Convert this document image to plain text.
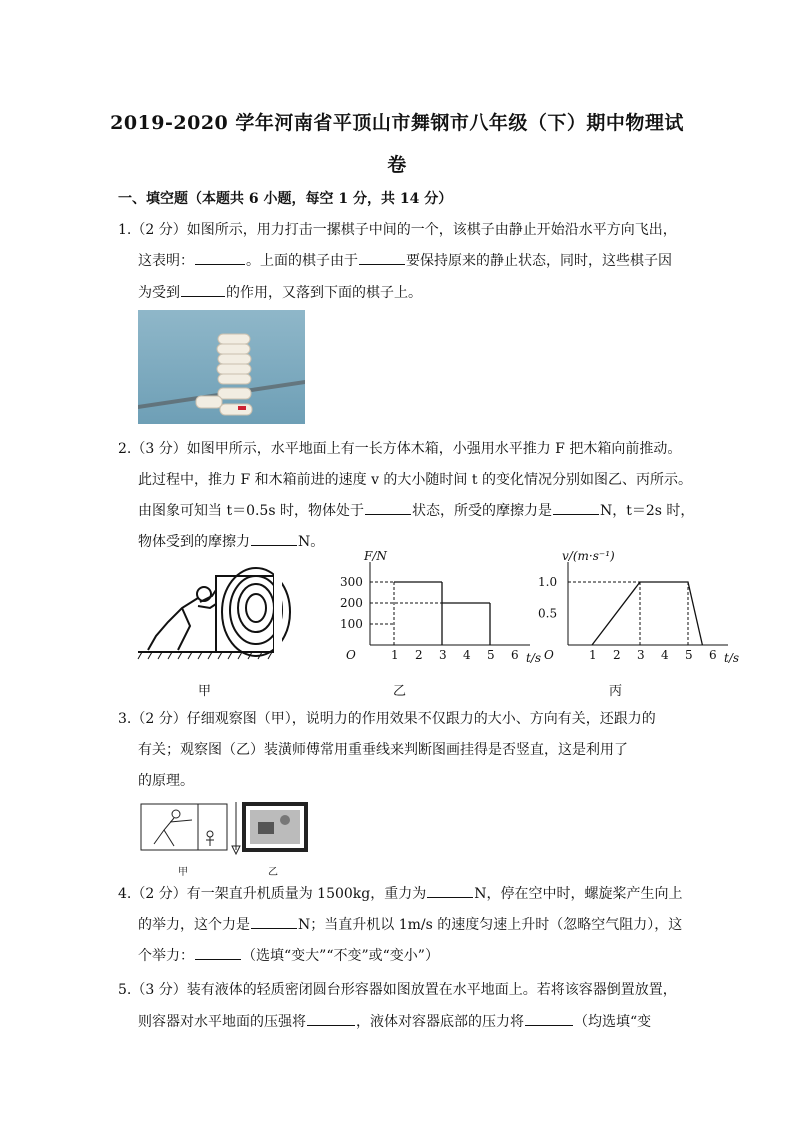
2019-2020 学年河南省平顶山市舞钢市八年级（下）期中物理试
卷
一、填空题（本题共 6 小题，每空 1 分，共 14 分）
1.（2 分）如图所示，用力打击一摞棋子中间的一个，该棋子由静止开始沿水平方向飞出，
这表明：	。上面的棋子由于	要保持原来的静止状态，同时，这些棋子因
为受到	的作用，又落到下面的棋子上。
2.（3 分）如图甲所示，水平地面上有一长方体木箱，小强用水平推力 F 把木箱向前推动。
此过程中，推力 F 和木箱前进的速度 v 的大小随时间 t 的变化情况分别如图乙、丙所示。
由图象可知当 t＝0.5s 时，物体处于	状态，所受的摩擦力是	N，t＝2s 时，
物体受到的摩擦力	N。
O	1 2 3 4 5 6 t/s
100
200
300
F/N
O	1 2 3 4 5 6 t/s
0.5
1.0
v/(m·s⁻¹)
甲	乙	丙
3.（2 分）仔细观察图（甲），说明力的作用效果不仅跟力的大小、方向有关，还跟力的
有关；观察图（乙）装潢师傅常用重垂线来判断图画挂得是否竖直，这是利用了
的原理。
甲	乙
4.（2 分）有一架直升机质量为 1500kg，重力为	N，停在空中时，螺旋桨产生向上
的举力，这个力是	N；当直升机以 1m/s 的速度匀速上升时（忽略空气阻力），这
个举力：	（选填“变大”“不变”或“变小”）
5.（3 分）装有液体的轻质密闭圆台形容器如图放置在水平地面上。若将该容器倒置放置，
则容器对水平地面的压强将	，液体对容器底部的压力将	（均选填“变
